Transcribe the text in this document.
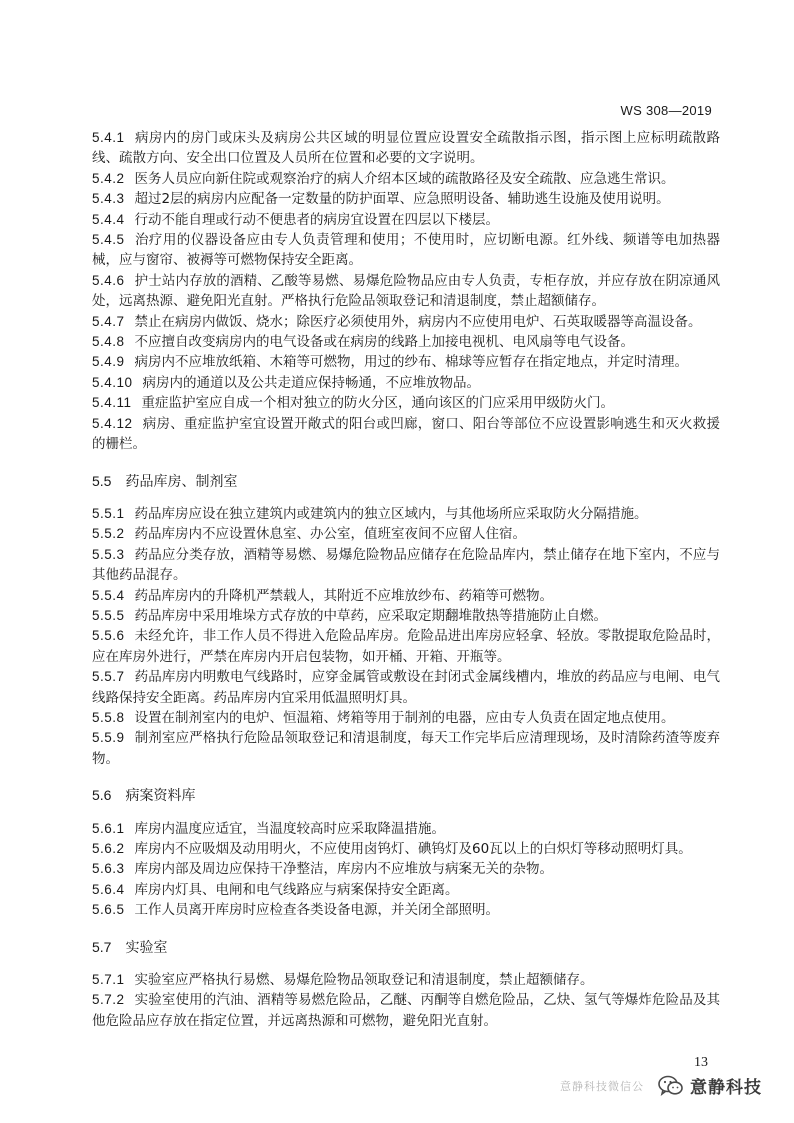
WS 308—2019

5.4.1 病房内的房门或床头及病房公共区域的明显位置应设置安全疏散指示图，指示图上应标明疏散路线、疏散方向、安全出口位置及人员所在位置和必要的文字说明。

5.4.2 医务人员应向新住院或观察治疗的病人介绍本区域的疏散路径及安全疏散、应急逃生常识。

5.4.3 超过2层的病房内应配备一定数量的防护面罩、应急照明设备、辅助逃生设施及使用说明。

5.4.4 行动不能自理或行动不便患者的病房宜设置在四层以下楼层。

5.4.5 治疗用的仪器设备应由专人负责管理和使用；不使用时，应切断电源。红外线、频谱等电加热器械，应与窗帘、被褥等可燃物保持安全距离。

5.4.6 护士站内存放的酒精、乙酸等易燃、易爆危险物品应由专人负责，专柜存放，并应存放在阴凉通风处，远离热源、避免阳光直射。严格执行危险品领取登记和清退制度，禁止超额储存。

5.4.7 禁止在病房内做饭、烧水；除医疗必须使用外，病房内不应使用电炉、石英取暖器等高温设备。

5.4.8 不应擅自改变病房内的电气设备或在病房的线路上加接电视机、电风扇等电气设备。

5.4.9 病房内不应堆放纸箱、木箱等可燃物，用过的纱布、棉球等应暂存在指定地点，并定时清理。

5.4.10 病房内的通道以及公共走道应保持畅通，不应堆放物品。

5.4.11 重症监护室应自成一个相对独立的防火分区，通向该区的门应采用甲级防火门。

5.4.12 病房、重症监护室宜设置开敞式的阳台或凹廊，窗口、阳台等部位不应设置影响逃生和灭火救援的栅栏。

5.5 药品库房、制剂室

5.5.1 药品库房应设在独立建筑内或建筑内的独立区域内，与其他场所应采取防火分隔措施。

5.5.2 药品库房内不应设置休息室、办公室，值班室夜间不应留人住宿。

5.5.3 药品应分类存放，酒精等易燃、易爆危险物品应储存在危险品库内，禁止储存在地下室内，不应与其他药品混存。

5.5.4 药品库房内的升降机严禁载人，其附近不应堆放纱布、药箱等可燃物。

5.5.5 药品库房中采用堆垛方式存放的中草药，应采取定期翻堆散热等措施防止自燃。

5.5.6 未经允许，非工作人员不得进入危险品库房。危险品进出库房应轻拿、轻放。零散提取危险品时，应在库房外进行，严禁在库房内开启包装物，如开桶、开箱、开瓶等。

5.5.7 药品库房内明敷电气线路时，应穿金属管或敷设在封闭式金属线槽内，堆放的药品应与电闸、电气线路保持安全距离。药品库房内宜采用低温照明灯具。

5.5.8 设置在制剂室内的电炉、恒温箱、烤箱等用于制剂的电器，应由专人负责在固定地点使用。

5.5.9 制剂室应严格执行危险品领取登记和清退制度，每天工作完毕后应清理现场，及时清除药渣等废弃物。

5.6 病案资料库

5.6.1 库房内温度应适宜，当温度较高时应采取降温措施。

5.6.2 库房内不应吸烟及动用明火，不应使用卤钨灯、碘钨灯及60瓦以上的白炽灯等移动照明灯具。

5.6.3 库房内部及周边应保持干净整洁，库房内不应堆放与病案无关的杂物。

5.6.4 库房内灯具、电闸和电气线路应与病案保持安全距离。

5.6.5 工作人员离开库房时应检查各类设备电源，并关闭全部照明。

5.7 实验室

5.7.1 实验室应严格执行易燃、易爆危险物品领取登记和清退制度，禁止超额储存。

5.7.2 实验室使用的汽油、酒精等易燃危险品，乙醚、丙酮等自燃危险品，乙炔、氢气等爆炸危险品及其他危险品应存放在指定位置，并远离热源和可燃物，避免阳光直射。

13
意静科技微信公	意静科技
